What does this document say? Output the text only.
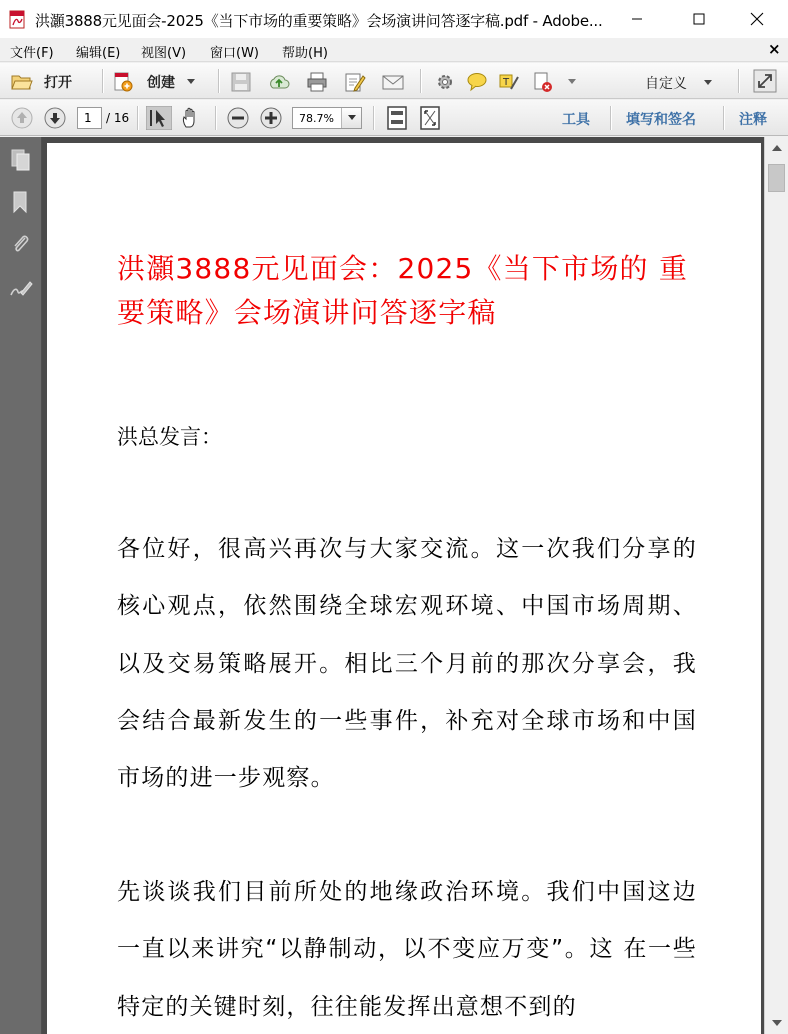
洪灝3888元见面会-2025《当下市场的重要策略》会场演讲问答逐字稿.pdf - Adobe...
文件(F) 编辑(E) 视图(V) 窗口(W) 帮助(H)	×
打开	创建	T	自定义
1	/ 16	78.7%	工具	填写和签名	注释
洪灝3888元见面会：2025《当下市场的 重要策略》会场演讲问答逐字稿
洪总发言：
各位好，很高兴再次与大家交流。这一次我们分享的核心观点，依然围绕全球宏观环境、中国市场周期、以及交易策略展开。相比三个月前的那次分享会，我会结合最新发生的一些事件，补充对全球市场和中国市场的进一步观察。
先谈谈我们目前所处的地缘政治环境。我们中国这边一直以来讲究“以静制动，以不变应万变”。这 在一些特定的关键时刻，往往能发挥出意想不到的
